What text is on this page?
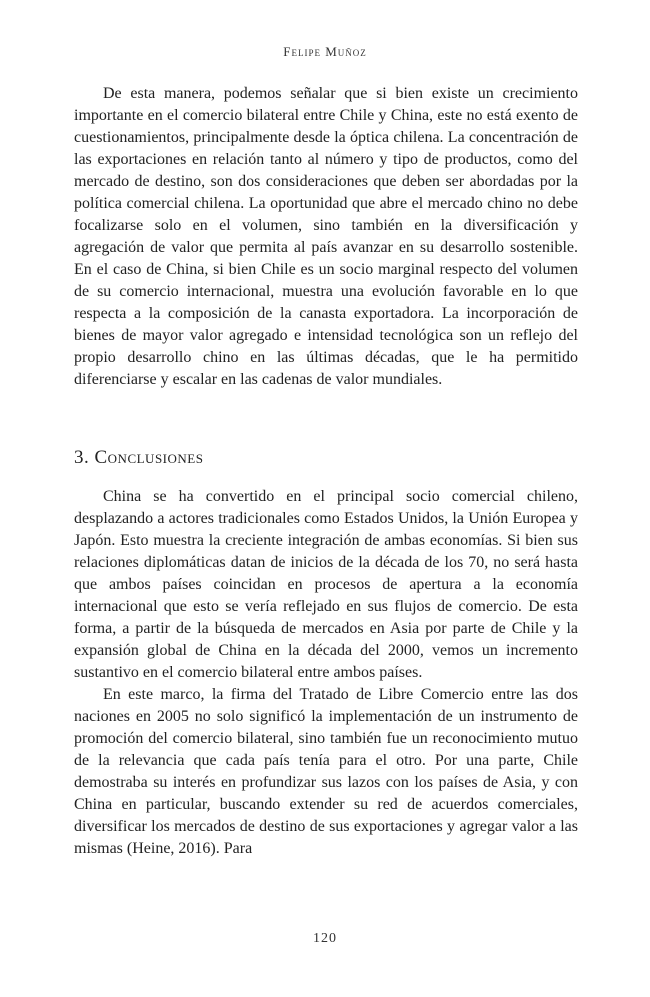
Felipe Muñoz

De esta manera, podemos señalar que si bien existe un crecimiento importante en el comercio bilateral entre Chile y China, este no está exento de cuestionamientos, principalmente desde la óptica chilena. La concentración de las exportaciones en relación tanto al número y tipo de productos, como del mercado de destino, son dos consideraciones que deben ser abordadas por la política comercial chilena. La oportunidad que abre el mercado chino no debe focalizarse solo en el volumen, sino también en la diversificación y agregación de valor que permita al país avanzar en su desarrollo sostenible. En el caso de China, si bien Chile es un socio marginal respecto del volumen de su comercio internacional, muestra una evolución favorable en lo que respecta a la composición de la canasta exportadora. La incorporación de bienes de mayor valor agregado e intensidad tecnológica son un reflejo del propio desarrollo chino en las últimas décadas, que le ha permitido diferenciarse y escalar en las cadenas de valor mundiales.

3. Conclusiones

China se ha convertido en el principal socio comercial chileno, desplazando a actores tradicionales como Estados Unidos, la Unión Europea y Japón. Esto muestra la creciente integración de ambas economías. Si bien sus relaciones diplomáticas datan de inicios de la década de los 70, no será hasta que ambos países coincidan en procesos de apertura a la economía internacional que esto se vería reflejado en sus flujos de comercio. De esta forma, a partir de la búsqueda de mercados en Asia por parte de Chile y la expansión global de China en la década del 2000, vemos un incremento sustantivo en el comercio bilateral entre ambos países.

En este marco, la firma del Tratado de Libre Comercio entre las dos naciones en 2005 no solo significó la implementación de un instrumento de promoción del comercio bilateral, sino también fue un reconocimiento mutuo de la relevancia que cada país tenía para el otro. Por una parte, Chile demostraba su interés en profundizar sus lazos con los países de Asia, y con China en particular, buscando extender su red de acuerdos comerciales, diversificar los mercados de destino de sus exportaciones y agregar valor a las mismas (Heine, 2016). Para

120
